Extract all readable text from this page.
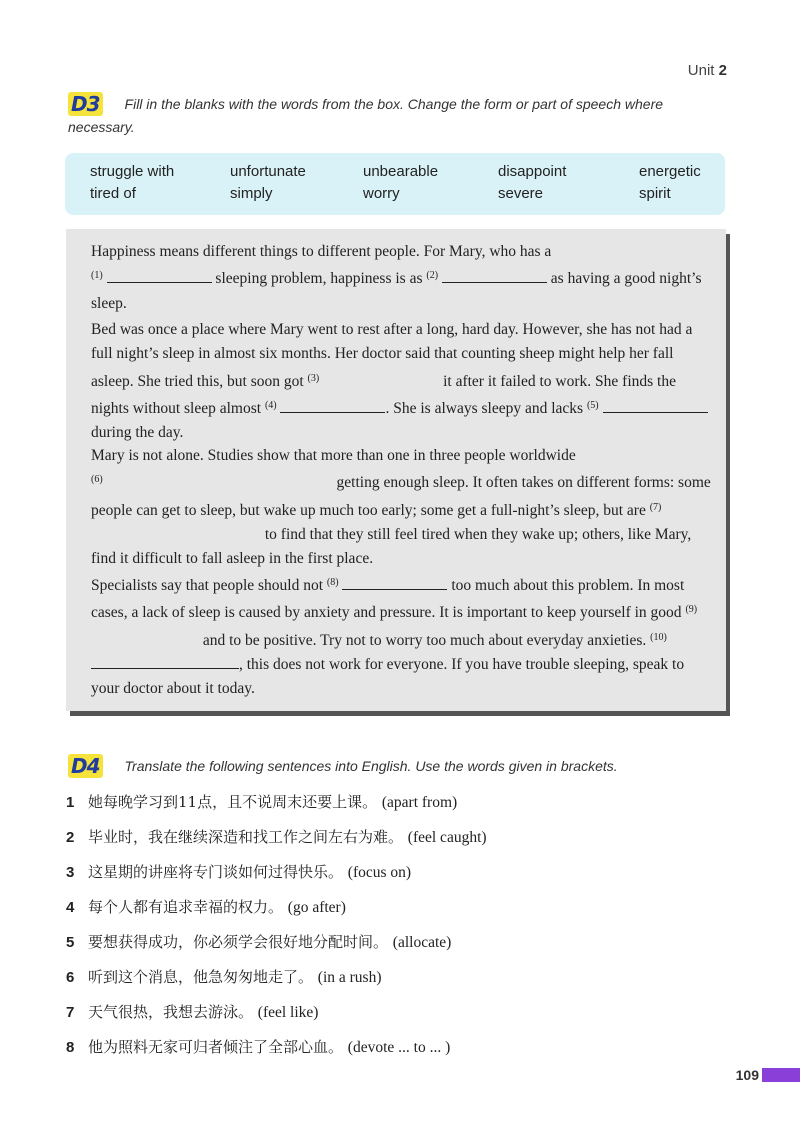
Unit 2
D3 Fill in the blanks with the words from the box. Change the form or part of speech where necessary.
struggle with	unfortunate	unbearable	disappoint	energetic
tired of	simply	worry	severe	spirit
Happiness means different things to different people. For Mary, who has a
$^{(1)}$	sleeping problem, happiness is as $^{(2)}$	as having a good night’s sleep.
Bed was once a place where Mary went to rest after a long, hard day. However, she has not had a full night’s sleep in almost six months. Her doctor said that counting sheep might help her fall asleep. She tried this, but soon got $^{(3)}$	it after it failed to work. She finds the nights without sleep almost $^{(4)}$	. She is always sleepy and lacks $^{(5)}$  during the day.
Mary is not alone. Studies show that more than one in three people worldwide
$^{(6)}$	getting enough sleep. It often takes on different forms: some people can get to sleep, but wake up much too early; some get a full-night’s sleep, but are $^{(7)}$ to find that they still feel tired when they wake up; others, like Mary, find it difficult to fall asleep in the first place.
Specialists say that people should not $^{(8)}$	too much about this problem. In most cases, a lack of sleep is caused by anxiety and pressure. It is important to keep yourself in good $^{(9)}$ and to be positive. Try not to worry too much about everyday anxieties. $^{(10)}$ , this does not work for everyone. If you have trouble sleeping, speak to your doctor about it today.
D4 Translate the following sentences into English. Use the words given in brackets.
1 她每晚学习到11点，且不说周末还要上课。 (apart from)
2 毕业时，我在继续深造和找工作之间左右为难。 (feel caught)
3 这星期的讲座将专门谈如何过得快乐。 (focus on)
4 每个人都有追求幸福的权力。 (go after)
5 要想获得成功，你必须学会很好地分配时间。 (allocate)
6 听到这个消息，他急匆匆地走了。 (in a rush)
7 天气很热，我想去游泳。 (feel like)
8 他为照料无家可归者倾注了全部心血。 (devote ... to ... )
109
